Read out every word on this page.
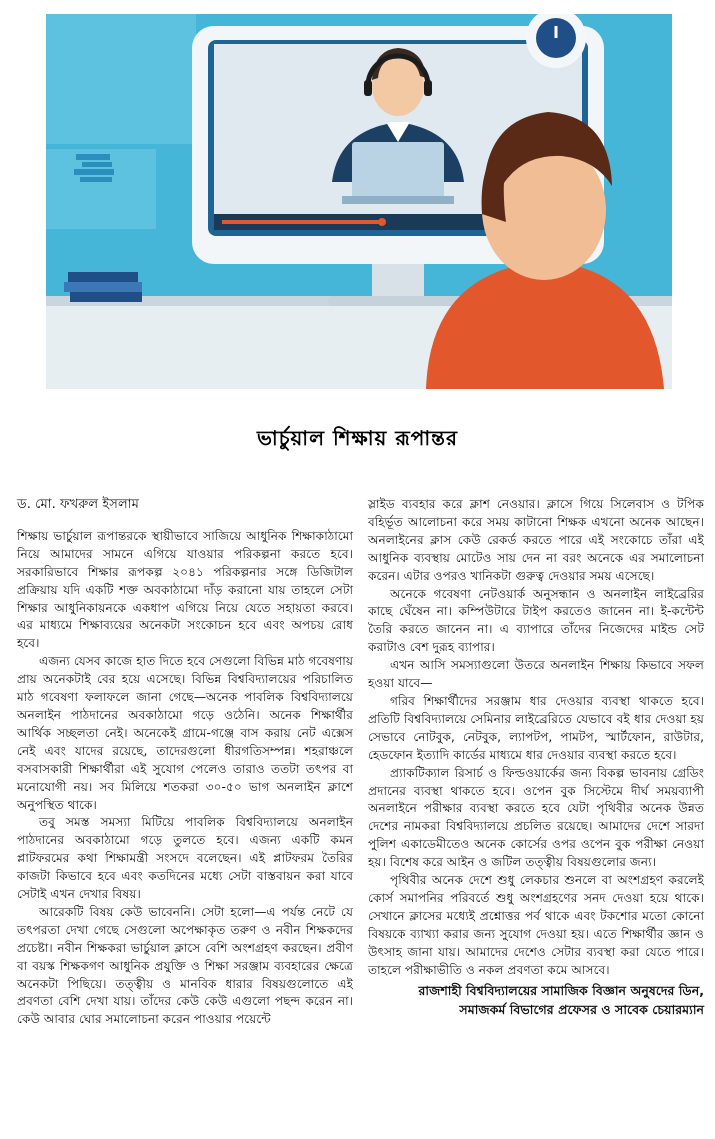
ভার্চুয়াল শিক্ষায় রূপান্তর
ড. মো. ফখরুল ইসলাম

শিক্ষায় ভার্চুয়াল রূপান্তরকে স্থায়ীভাবে সাজিয়ে আধুনিক শিক্ষাকাঠামো নিয়ে আমাদের সামনে এগিয়ে যাওয়ার পরিকল্পনা করতে হবে। সরকারিভাবে শিক্ষার রূপকল্প ২০৪১ পরিকল্পনার সঙ্গে ডিজিটাল প্রক্রিয়ায় যদি একটি শক্ত অবকাঠামো দাঁড় করানো যায় তাহলে সেটা শিক্ষার আধুনিকায়নকে একধাপ এগিয়ে নিয়ে যেতে সহায়তা করবে। এর মাধ্যমে শিক্ষাব্যয়ের অনেকটা সংকোচন হবে এবং অপচয় রোধ হবে।

এজন্য যেসব কাজে হাত দিতে হবে সেগুলো বিভিন্ন মাঠ গবেষণায় প্রায় অনেকটাই বের হয়ে এসেছে। বিভিন্ন বিশ্ববিদ্যালয়ের পরিচালিত মাঠ গবেষণা ফলাফলে জানা গেছে—অনেক পাবলিক বিশ্ববিদ্যালয়ে অনলাইন পাঠদানের অবকাঠামো গড়ে ওঠেনি। অনেক শিক্ষার্থীর আর্থিক সচ্ছলতা নেই। অনেকেই গ্রামে-গঞ্জে বাস করায় নেট এক্সেস নেই এবং যাদের রয়েছে, তাদেরগুলো ধীরগতিসম্পন্ন। শহরাঞ্চলে বসবাসকারী শিক্ষার্থীরা এই সুযোগ পেলেও তারাও ততটা তৎপর বা মনোযোগী নয়। সব মিলিয়ে শতকরা ৩০-৫০ ভাগ অনলাইন ক্লাশে অনুপস্থিত থাকে।

তবু সমস্ত সমস্যা মিটিয়ে পাবলিক বিশ্ববিদ্যালয়ে অনলাইন পাঠদানের অবকাঠামো গড়ে তুলতে হবে। এজন্য একটি কমন প্লাটফরমের কথা শিক্ষামন্ত্রী সংসদে বলেছেন। এই প্লাটফরম তৈরির কাজটা কিভাবে হবে এবং কতদিনের মধ্যে সেটা বাস্তবায়ন করা যাবে সেটাই এখন দেখার বিষয়।

আরেকটি বিষয় কেউ ভাবেননি। সেটা হলো—এ পর্যন্ত নেটে যে তৎপরতা দেখা গেছে সেগুলো অপেক্ষাকৃত তরুণ ও নবীন শিক্ষকদের প্রচেষ্টা। নবীন শিক্ষকরা ভার্চুয়াল ক্লাসে বেশি অংশগ্রহণ করছেন। প্রবীণ বা বয়স্ক শিক্ষকগণ আধুনিক প্রযুক্তি ও শিক্ষা সরঞ্জাম ব্যবহারের ক্ষেত্রে অনেকটা পিছিয়ে। তত্ত্বীয় ও মানবিক ধারার বিষয়গুলোতে এই প্রবণতা বেশি দেখা যায়। তাঁদের কেউ কেউ এগুলো পছন্দ করেন না। কেউ আবার ঘোর সমালোচনা করেন পাওয়ার পয়েন্টে

স্লাইড ব্যবহার করে ক্লাশ নেওয়ার। ক্লাসে গিয়ে সিলেবাস ও টপিক বহির্ভূত আলোচনা করে সময় কাটানো শিক্ষক এখনো অনেক আছেন। অনলাইনের ক্লাস কেউ রেকর্ড করতে পারে এই সংকোচে তাঁরা এই আধুনিক ব্যবস্থায় মোটেও সায় দেন না বরং অনেকে এর সমালোচনা করেন। এটার ওপরও খানিকটা গুরুত্ব দেওয়ার সময় এসেছে।

অনেকে গবেষণা নেটওয়ার্ক অনুসন্ধান ও অনলাইন লাইব্রেরির কাছে ঘেঁষেন না। কম্পিউটারে টাইপ করতেও জানেন না। ই-কন্টেন্ট তৈরি করতে জানেন না। এ ব্যাপারে তাঁদের নিজেদের মাইন্ড সেট করাটাও বেশ দুরূহ ব্যাপার।

এখন আসি সমস্যাগুলো উতরে অনলাইন শিক্ষায় কিভাবে সফল হওয়া যাবে—

গরিব শিক্ষার্থীদের সরঞ্জাম ধার দেওয়ার ব্যবস্থা থাকতে হবে। প্রতিটি বিশ্ববিদ্যালয়ে সেমিনার লাইব্রেরিতে যেভাবে বই ধার দেওয়া হয় সেভাবে নোটবুক, নেটবুক, ল্যাপটপ, পামটপ, স্মার্টফোন, রাউটার, হেডফোন ইত্যাদি কার্ডের মাধ্যমে ধার দেওয়ার ব্যবস্থা করতে হবে।

প্র্যাকটিক্যাল রিসার্চ ও ফিল্ডওয়ার্কের জন্য বিকল্প ভাবনায় গ্রেডিং প্রদানের ব্যবস্থা থাকতে হবে। ওপেন বুক সিস্টেমে দীর্ঘ সময়ব্যাপী অনলাইনে পরীক্ষার ব্যবস্থা করতে হবে যেটা পৃথিবীর অনেক উন্নত দেশের নামকরা বিশ্ববিদ্যালয়ে প্রচলিত রয়েছে। আমাদের দেশে সারদা পুলিশ একাডেমীতেও অনেক কোর্সের ওপর ওপেন বুক পরীক্ষা নেওয়া হয়। বিশেষ করে আইন ও জটিল তত্ত্বীয় বিষয়গুলোর জন্য।

পৃথিবীর অনেক দেশে শুধু লেকচার শুনলে বা অংশগ্রহণ করলেই কোর্স সমাপনির পরিবর্তে শুধু অংশগ্রহণের সনদ দেওয়া হয়ে থাকে। সেখানে ক্লাসের মধ্যেই প্রশ্নোত্তর পর্ব থাকে এবং টকশোর মতো কোনো বিষয়কে ব্যাখ্যা করার জন্য সুযোগ দেওয়া হয়। এতে শিক্ষার্থীর জ্ঞান ও উৎসাহ জানা যায়। আমাদের দেশেও সেটার ব্যবস্থা করা যেতে পারে। তাহলে পরীক্ষাভীতি ও নকল প্রবণতা কমে আসবে।

রাজশাহী বিশ্ববিদ্যালয়ের সামাজিক বিজ্ঞান অনুষদের ডিন,
সমাজকর্ম বিভাগের প্রফেসর ও সাবেক চেয়ারম্যান
